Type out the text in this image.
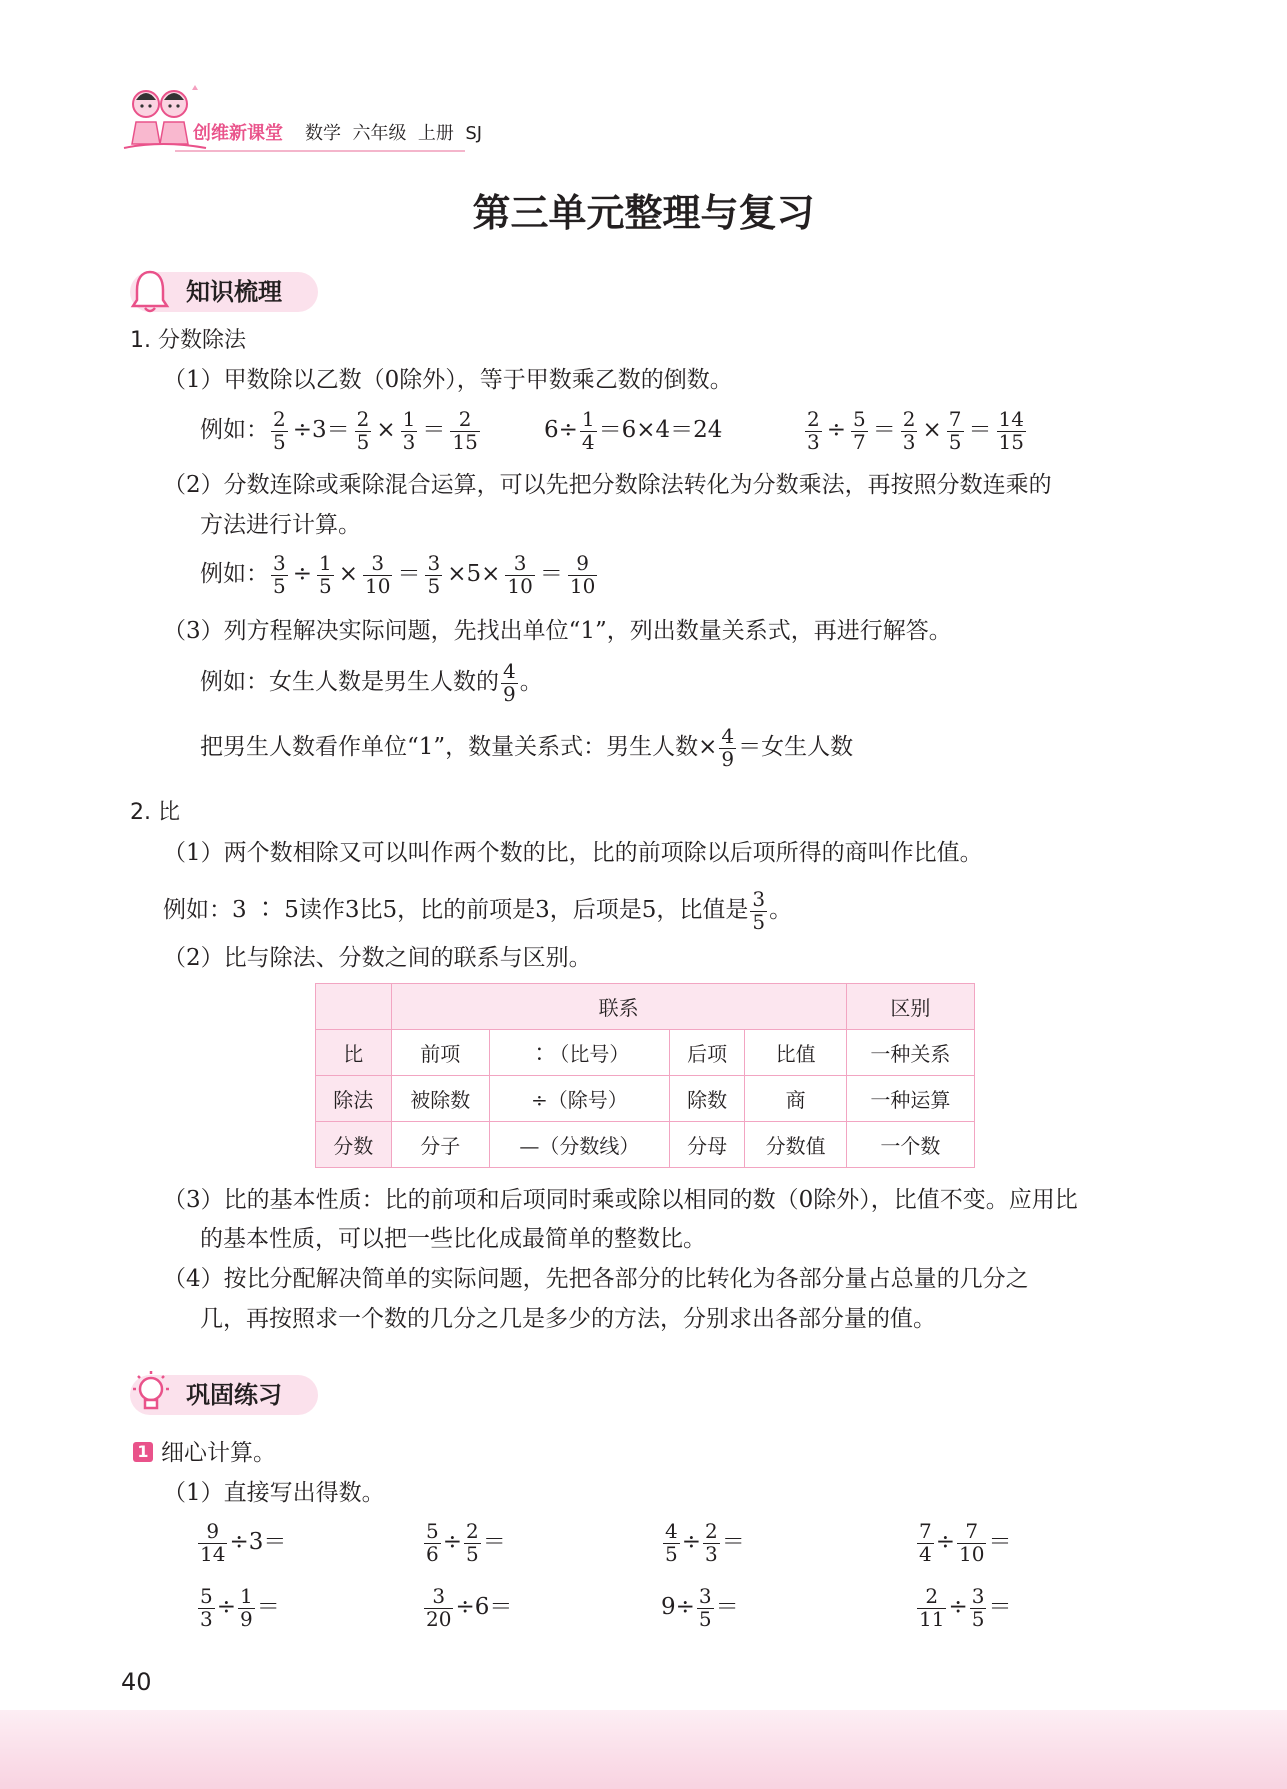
创维新课堂 数学  六年级  上册  SJ
第三单元整理与复习
知识梳理
1. 分数除法
（1）甲数除以乙数（0除外），等于甲数乘乙数的倒数。
例如： $\frac{2}{5} \div 3= \frac{2}{5} \times \frac{1}{3} = \frac{2}{15}$	$6\div \frac{1}{4} =6\times 4=24$	$\frac{2}{3} \div \frac{5}{7} = \frac{2}{3} \times \frac{7}{5} = \frac{14}{15}$
（2）分数连除或乘除混合运算，可以先把分数除法转化为分数乘法，再按照分数连乘的
方法进行计算。
例如： $\frac{3}{5} \div \frac{1}{5} \times \frac{3}{10} = \frac{3}{5} \times 5\times \frac{3}{10} = \frac{9}{10}$
（3）列方程解决实际问题，先找出单位“1”，列出数量关系式，再进行解答。
例如：女生人数是男生人数的 $\frac{4}{9}$ 。
把男生人数看作单位“1”，数量关系式：男生人数× $\frac{4}{9}$ ＝女生人数
2. 比
（1）两个数相除又可以叫作两个数的比，比的前项除以后项所得的商叫作比值。
例如：3 ∶ 5读作3比5，比的前项是3，后项是5，比值是 $\frac{3}{5}$ 。
（2）比与除法、分数之间的联系与区别。
	联系				区别
比	前项	∶（比号）	后项	比值	一种关系
除法	被除数	÷（除号）	除数	商	一种运算
分数	分子	—（分数线）	分母	分数值	一个数
（3）比的基本性质：比的前项和后项同时乘或除以相同的数（0除外），比值不变。应用比
的基本性质，可以把一些比化成最简单的整数比。
（4）按比分配解决简单的实际问题，先把各部分的比转化为各部分量占总量的几分之
几，再按照求一个数的几分之几是多少的方法，分别求出各部分量的值。
巩固练习
1 细心计算。
（1）直接写出得数。
$\frac{9}{14} \div 3=$	$\frac{5}{6} \div \frac{2}{5}$ ＝	$\frac{4}{5} \div \frac{2}{3}$ ＝	$\frac{7}{4} \div \frac{7}{10}$ ＝
$\frac{5}{3} \div \frac{1}{9}$ ＝	$\frac{3}{20} \div 6=$	$9\div \frac{3}{5}$ ＝	$\frac{2}{11} \div \frac{3}{5}$ ＝
40
